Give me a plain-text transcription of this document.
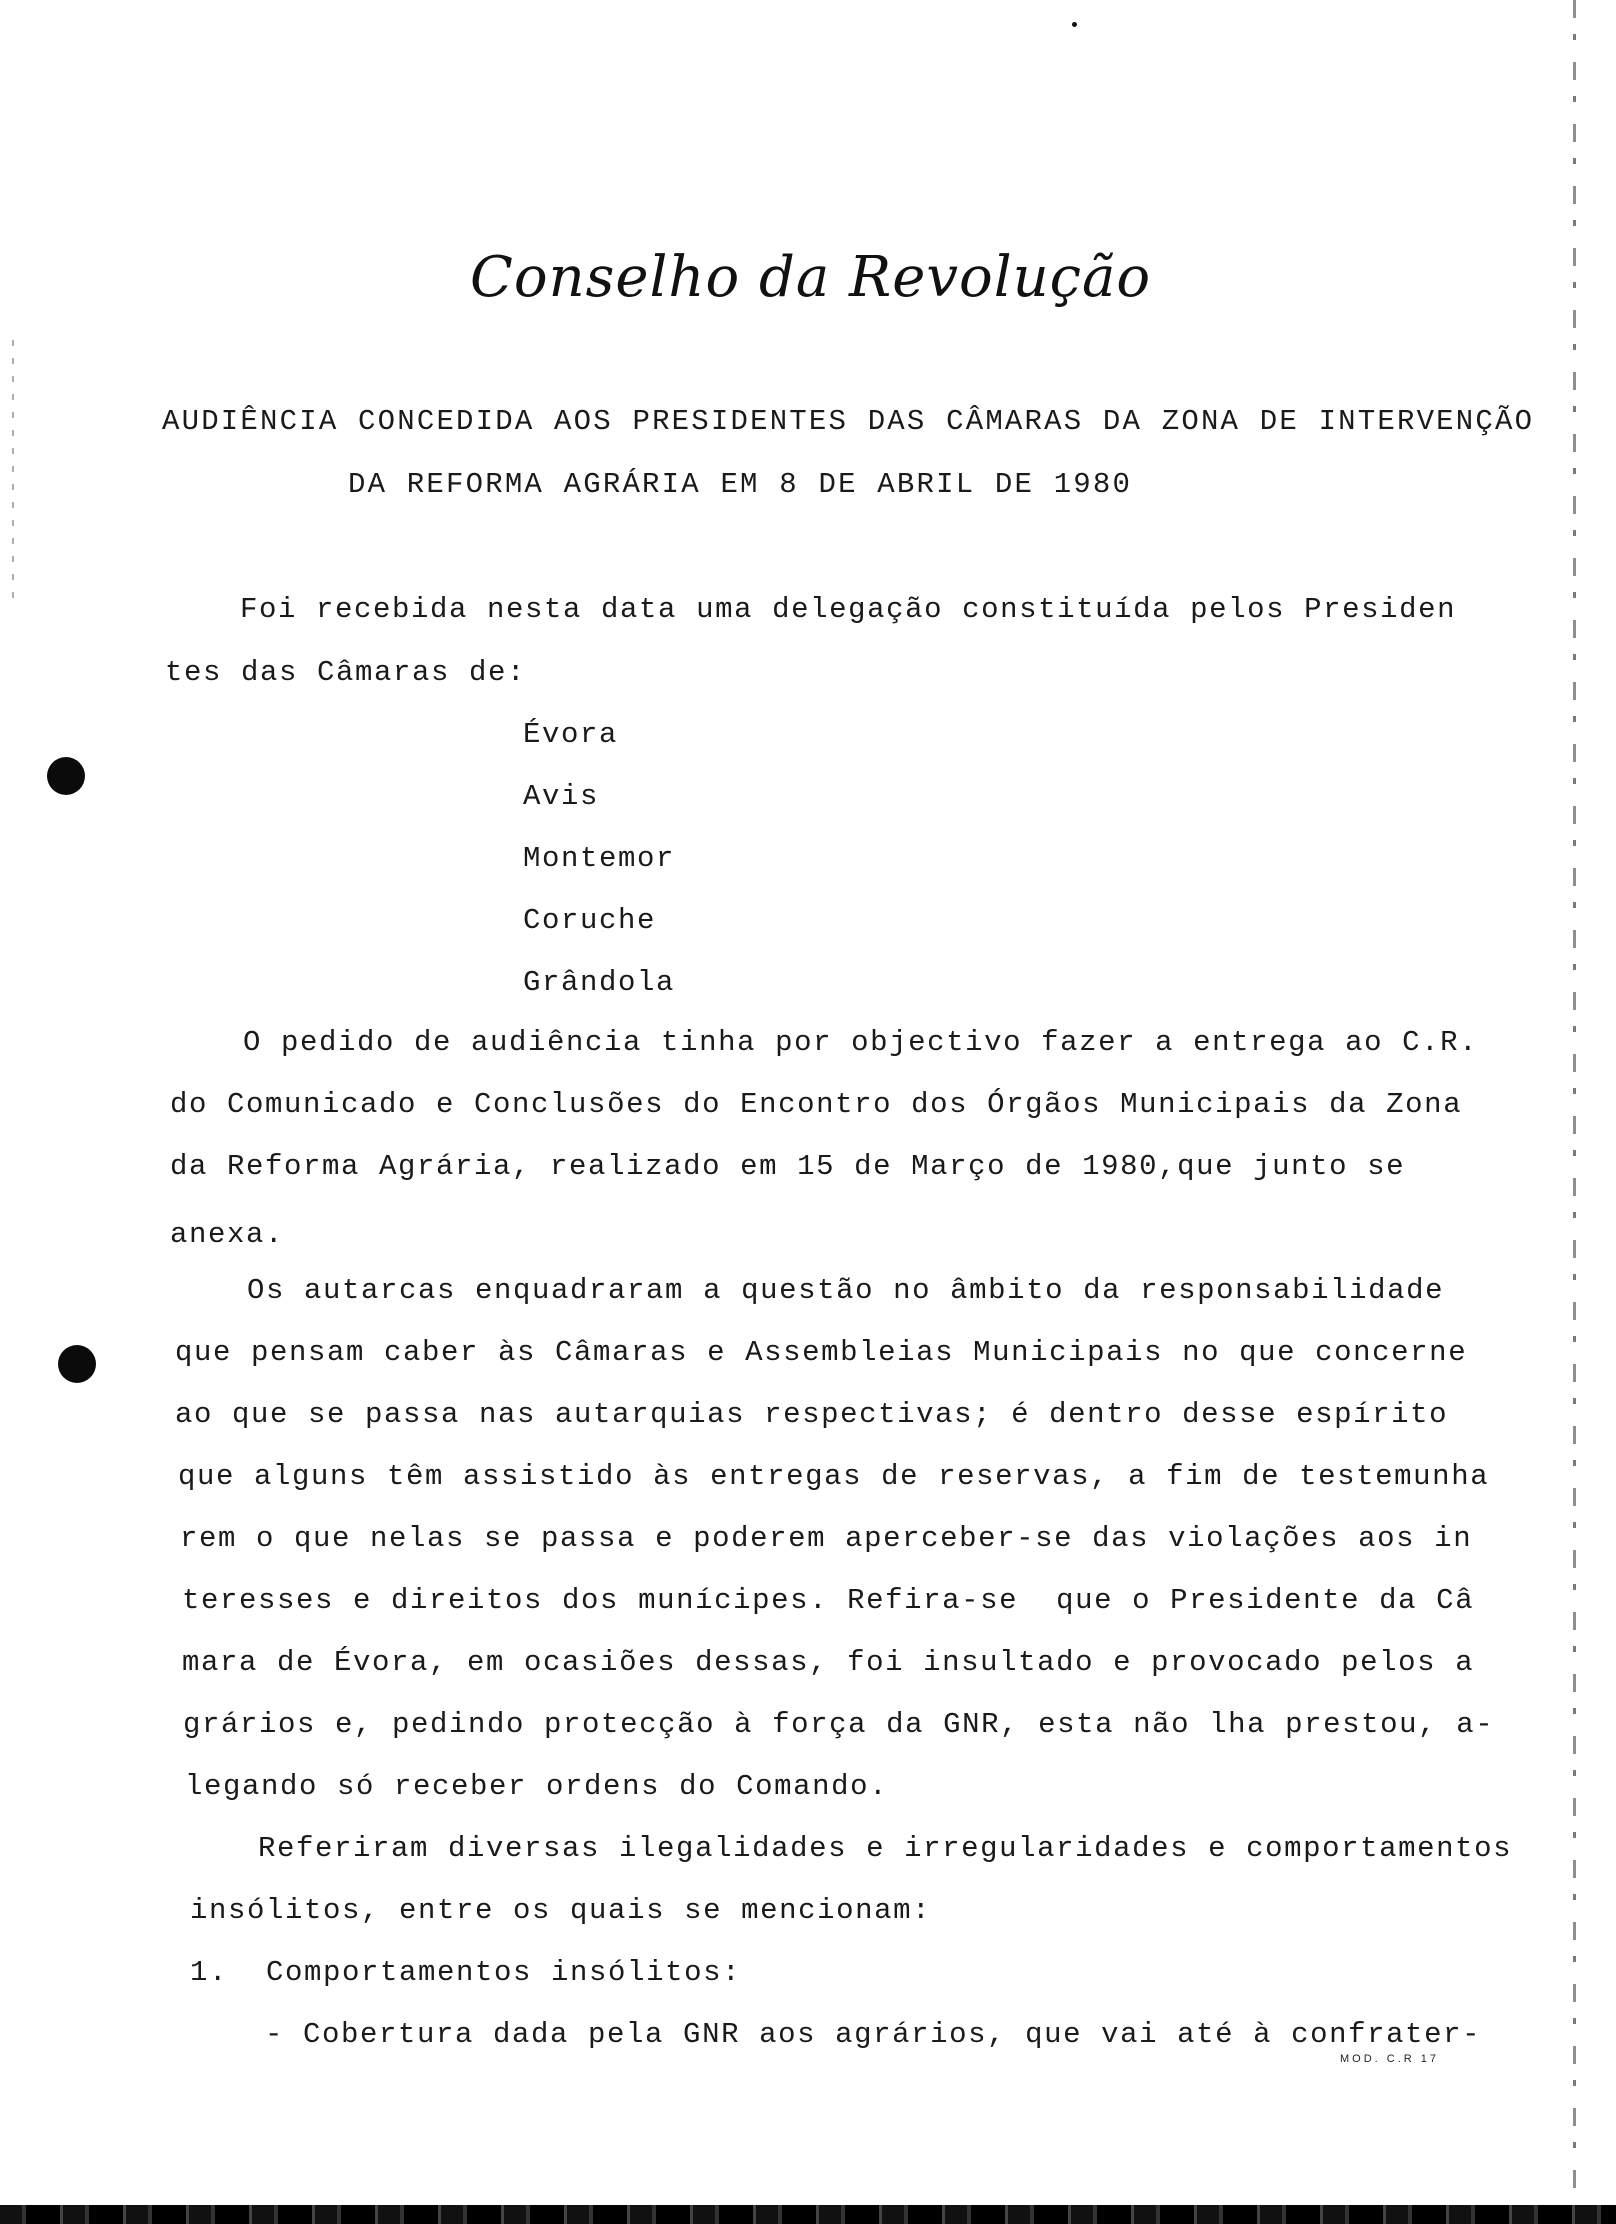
Conselho da Revolução
AUDIÊNCIA CONCEDIDA AOS PRESIDENTES DAS CÂMARAS DA ZONA DE INTERVENÇÃO
DA REFORMA AGRÁRIA EM 8 DE ABRIL DE 1980
Foi recebida nesta data uma delegação constituída pelos Presiden
tes das Câmaras de:
Évora
Avis
Montemor
Coruche
Grândola
O pedido de audiência tinha por objectivo fazer a entrega ao C.R.
do Comunicado e Conclusões do Encontro dos Órgãos Municipais da Zona
da Reforma Agrária, realizado em 15 de Março de 1980,que junto se
anexa.
Os autarcas enquadraram a questão no âmbito da responsabilidade
que pensam caber às Câmaras e Assembleias Municipais no que concerne
ao que se passa nas autarquias respectivas; é dentro desse espírito
que alguns têm assistido às entregas de reservas, a fim de testemunha
rem o que nelas se passa e poderem aperceber-se das violações aos in
teresses e direitos dos munícipes. Refira-se  que o Presidente da Câ
mara de Évora, em ocasiões dessas, foi insultado e provocado pelos a
grários e, pedindo protecção à força da GNR, esta não lha prestou, a-
legando só receber ordens do Comando.
Referiram diversas ilegalidades e irregularidades e comportamentos
insólitos, entre os quais se mencionam:
1.  Comportamentos insólitos:
- Cobertura dada pela GNR aos agrários, que vai até à confrater-
MOD. C.R 17
